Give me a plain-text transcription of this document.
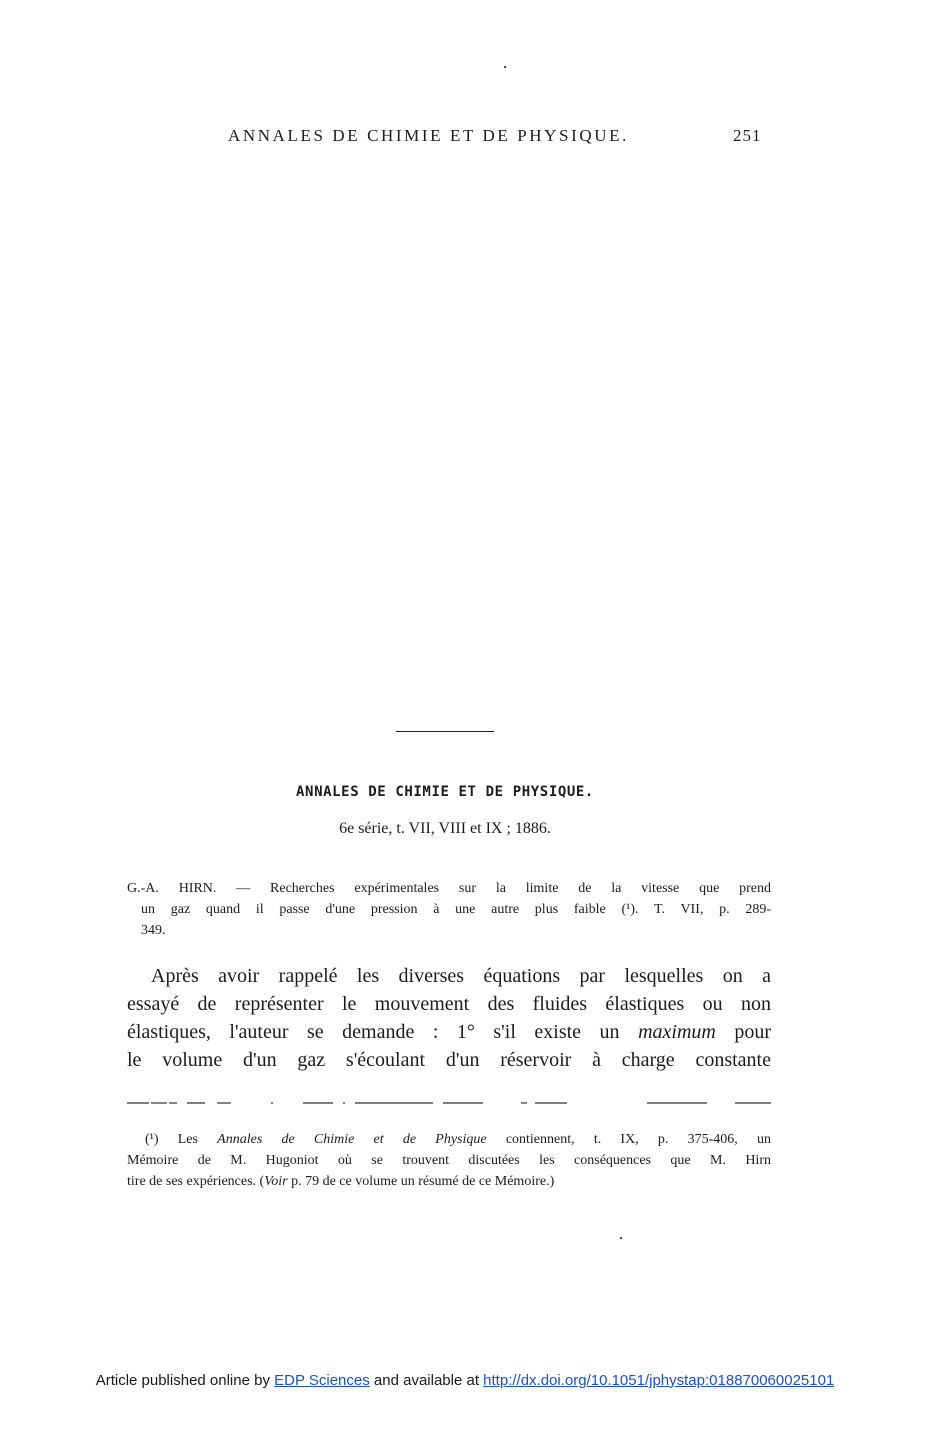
ANNALES DE CHIMIE ET DE PHYSIQUE.	251
ANNALES DE CHIMIE ET DE PHYSIQUE.
6e série, t. VII, VIII et IX ; 1886.
G.-A. HIRN. — Recherches expérimentales sur la limite de la vitesse que prend
un gaz quand il passe d'une pression à une autre plus faible (¹). T. VII, p. 289-
349.
Après avoir rappelé les diverses équations par lesquelles on a
essayé de représenter le mouvement des fluides élastiques ou non
élastiques, l'auteur se demande : 1° s'il existe un maximum pour
le volume d'un gaz s'écoulant d'un réservoir à charge constante
(¹) Les Annales de Chimie et de Physique contiennent, t. IX, p. 375-406, un
Mémoire de M. Hugoniot où se trouvent discutées les conséquences que M. Hirn
tire de ses expériences. (Voir p. 79 de ce volume un résumé de ce Mémoire.)
Article published online by EDP Sciences and available at http://dx.doi.org/10.1051/jphystap:018870060025101
